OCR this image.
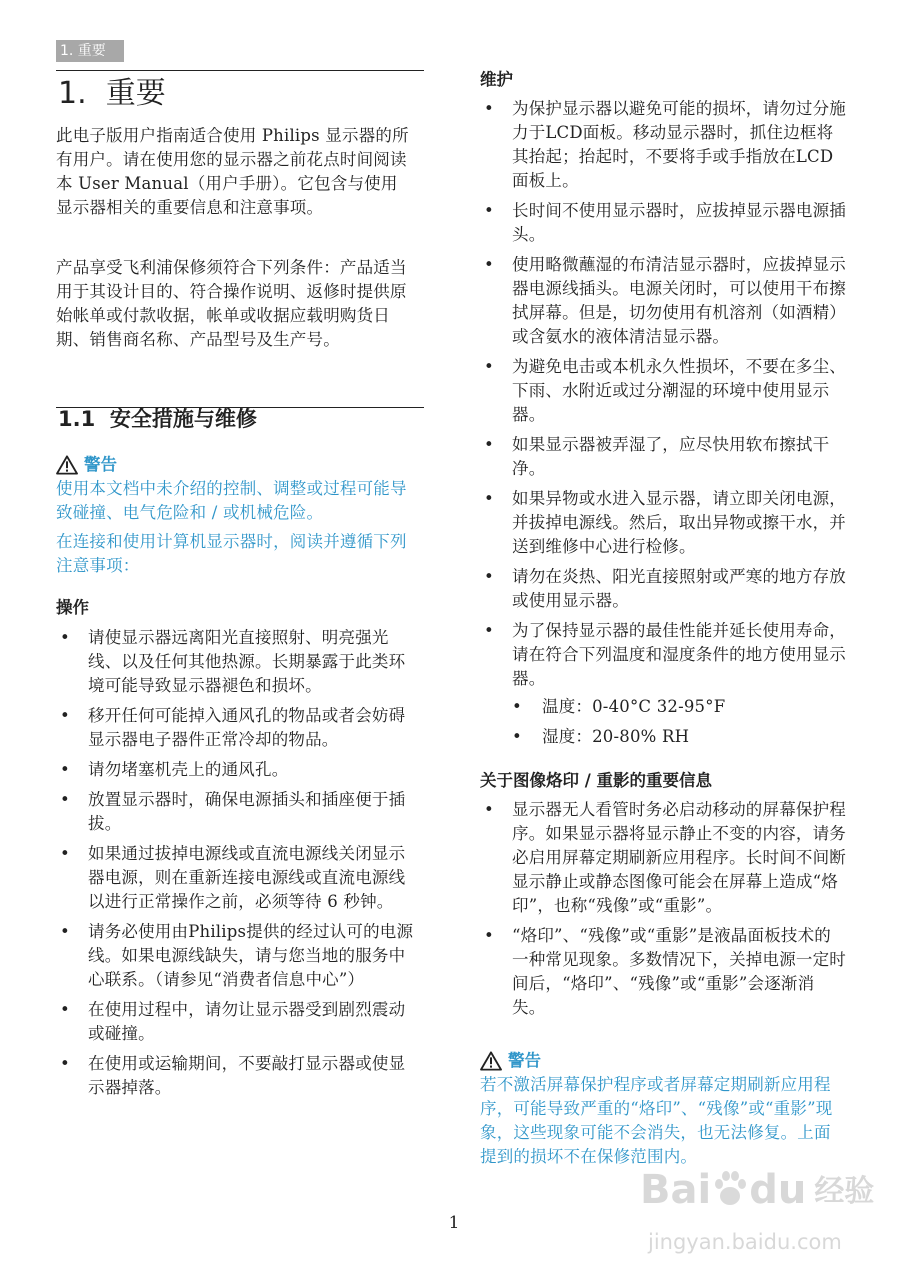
1. 重要
1. 重要

此电子版用户指南适合使用 Philips 显示器的所有用户。请在使用您的显示器之前花点时间阅读本 User Manual（用户手册）。它包含与使用显示器相关的重要信息和注意事项。

产品享受飞利浦保修须符合下列条件：产品适当用于其设计目的、符合操作说明、返修时提供原始帐单或付款收据，帐单或收据应载明购货日期、销售商名称、产品型号及生产号。

1.1 安全措施与维修
警告

使用本文档中未介绍的控制、调整或过程可能导致碰撞、电气危险和 / 或机械危险。

在连接和使用计算机显示器时，阅读并遵循下列注意事项：

操作
• 请使显示器远离阳光直接照射、明亮强光线、以及任何其他热源。长期暴露于此类环境可能导致显示器褪色和损坏。
• 移开任何可能掉入通风孔的物品或者会妨碍显示器电子器件正常冷却的物品。
• 请勿堵塞机壳上的通风孔。
• 放置显示器时，确保电源插头和插座便于插拔。
• 如果通过拔掉电源线或直流电源线关闭显示器电源，则在重新连接电源线或直流电源线以进行正常操作之前，必须等待 6 秒钟。
• 请务必使用由Philips提供的经过认可的电源线。如果电源线缺失，请与您当地的服务中心联系。（请参见“消费者信息中心”）
• 在使用过程中，请勿让显示器受到剧烈震动或碰撞。
• 在使用或运输期间，不要敲打显示器或使显示器掉落。
维护
• 为保护显示器以避免可能的损坏，请勿过分施力于LCD面板。移动显示器时，抓住边框将其抬起；抬起时，不要将手或手指放在LCD面板上。
• 长时间不使用显示器时，应拔掉显示器电源插头。
• 使用略微蘸湿的布清洁显示器时，应拔掉显示器电源线插头。电源关闭时，可以使用干布擦拭屏幕。但是，切勿使用有机溶剂（如酒精）或含氨水的液体清洁显示器。
• 为避免电击或本机永久性损坏，不要在多尘、下雨、水附近或过分潮湿的环境中使用显示器。
• 如果显示器被弄湿了，应尽快用软布擦拭干净。
• 如果异物或水进入显示器，请立即关闭电源，并拔掉电源线。然后，取出异物或擦干水，并送到维修中心进行检修。
• 请勿在炎热、阳光直接照射或严寒的地方存放或使用显示器。
• 为了保持显示器的最佳性能并延长使用寿命，请在符合下列温度和湿度条件的地方使用显示器。
• 温度：0-40°C 32-95°F
• 湿度：20-80% RH
关于图像烙印 / 重影的重要信息
• 显示器无人看管时务必启动移动的屏幕保护程序。如果显示器将显示静止不变的内容，请务必启用屏幕定期刷新应用程序。长时间不间断显示静止或静态图像可能会在屏幕上造成“烙印”，也称“残像”或“重影”。
• “烙印”、“残像”或“重影”是液晶面板技术的一种常见现象。多数情况下，关掉电源一定时间后，“烙印”、“残像”或“重影”会逐渐消失。
警告

若不激活屏幕保护程序或者屏幕定期刷新应用程序，可能导致严重的“烙印”、“残像”或“重影”现象，这些现象可能不会消失，也无法修复。上面提到的损坏不在保修范围内。

1
Bai du 经验
jingyan.baidu.com
